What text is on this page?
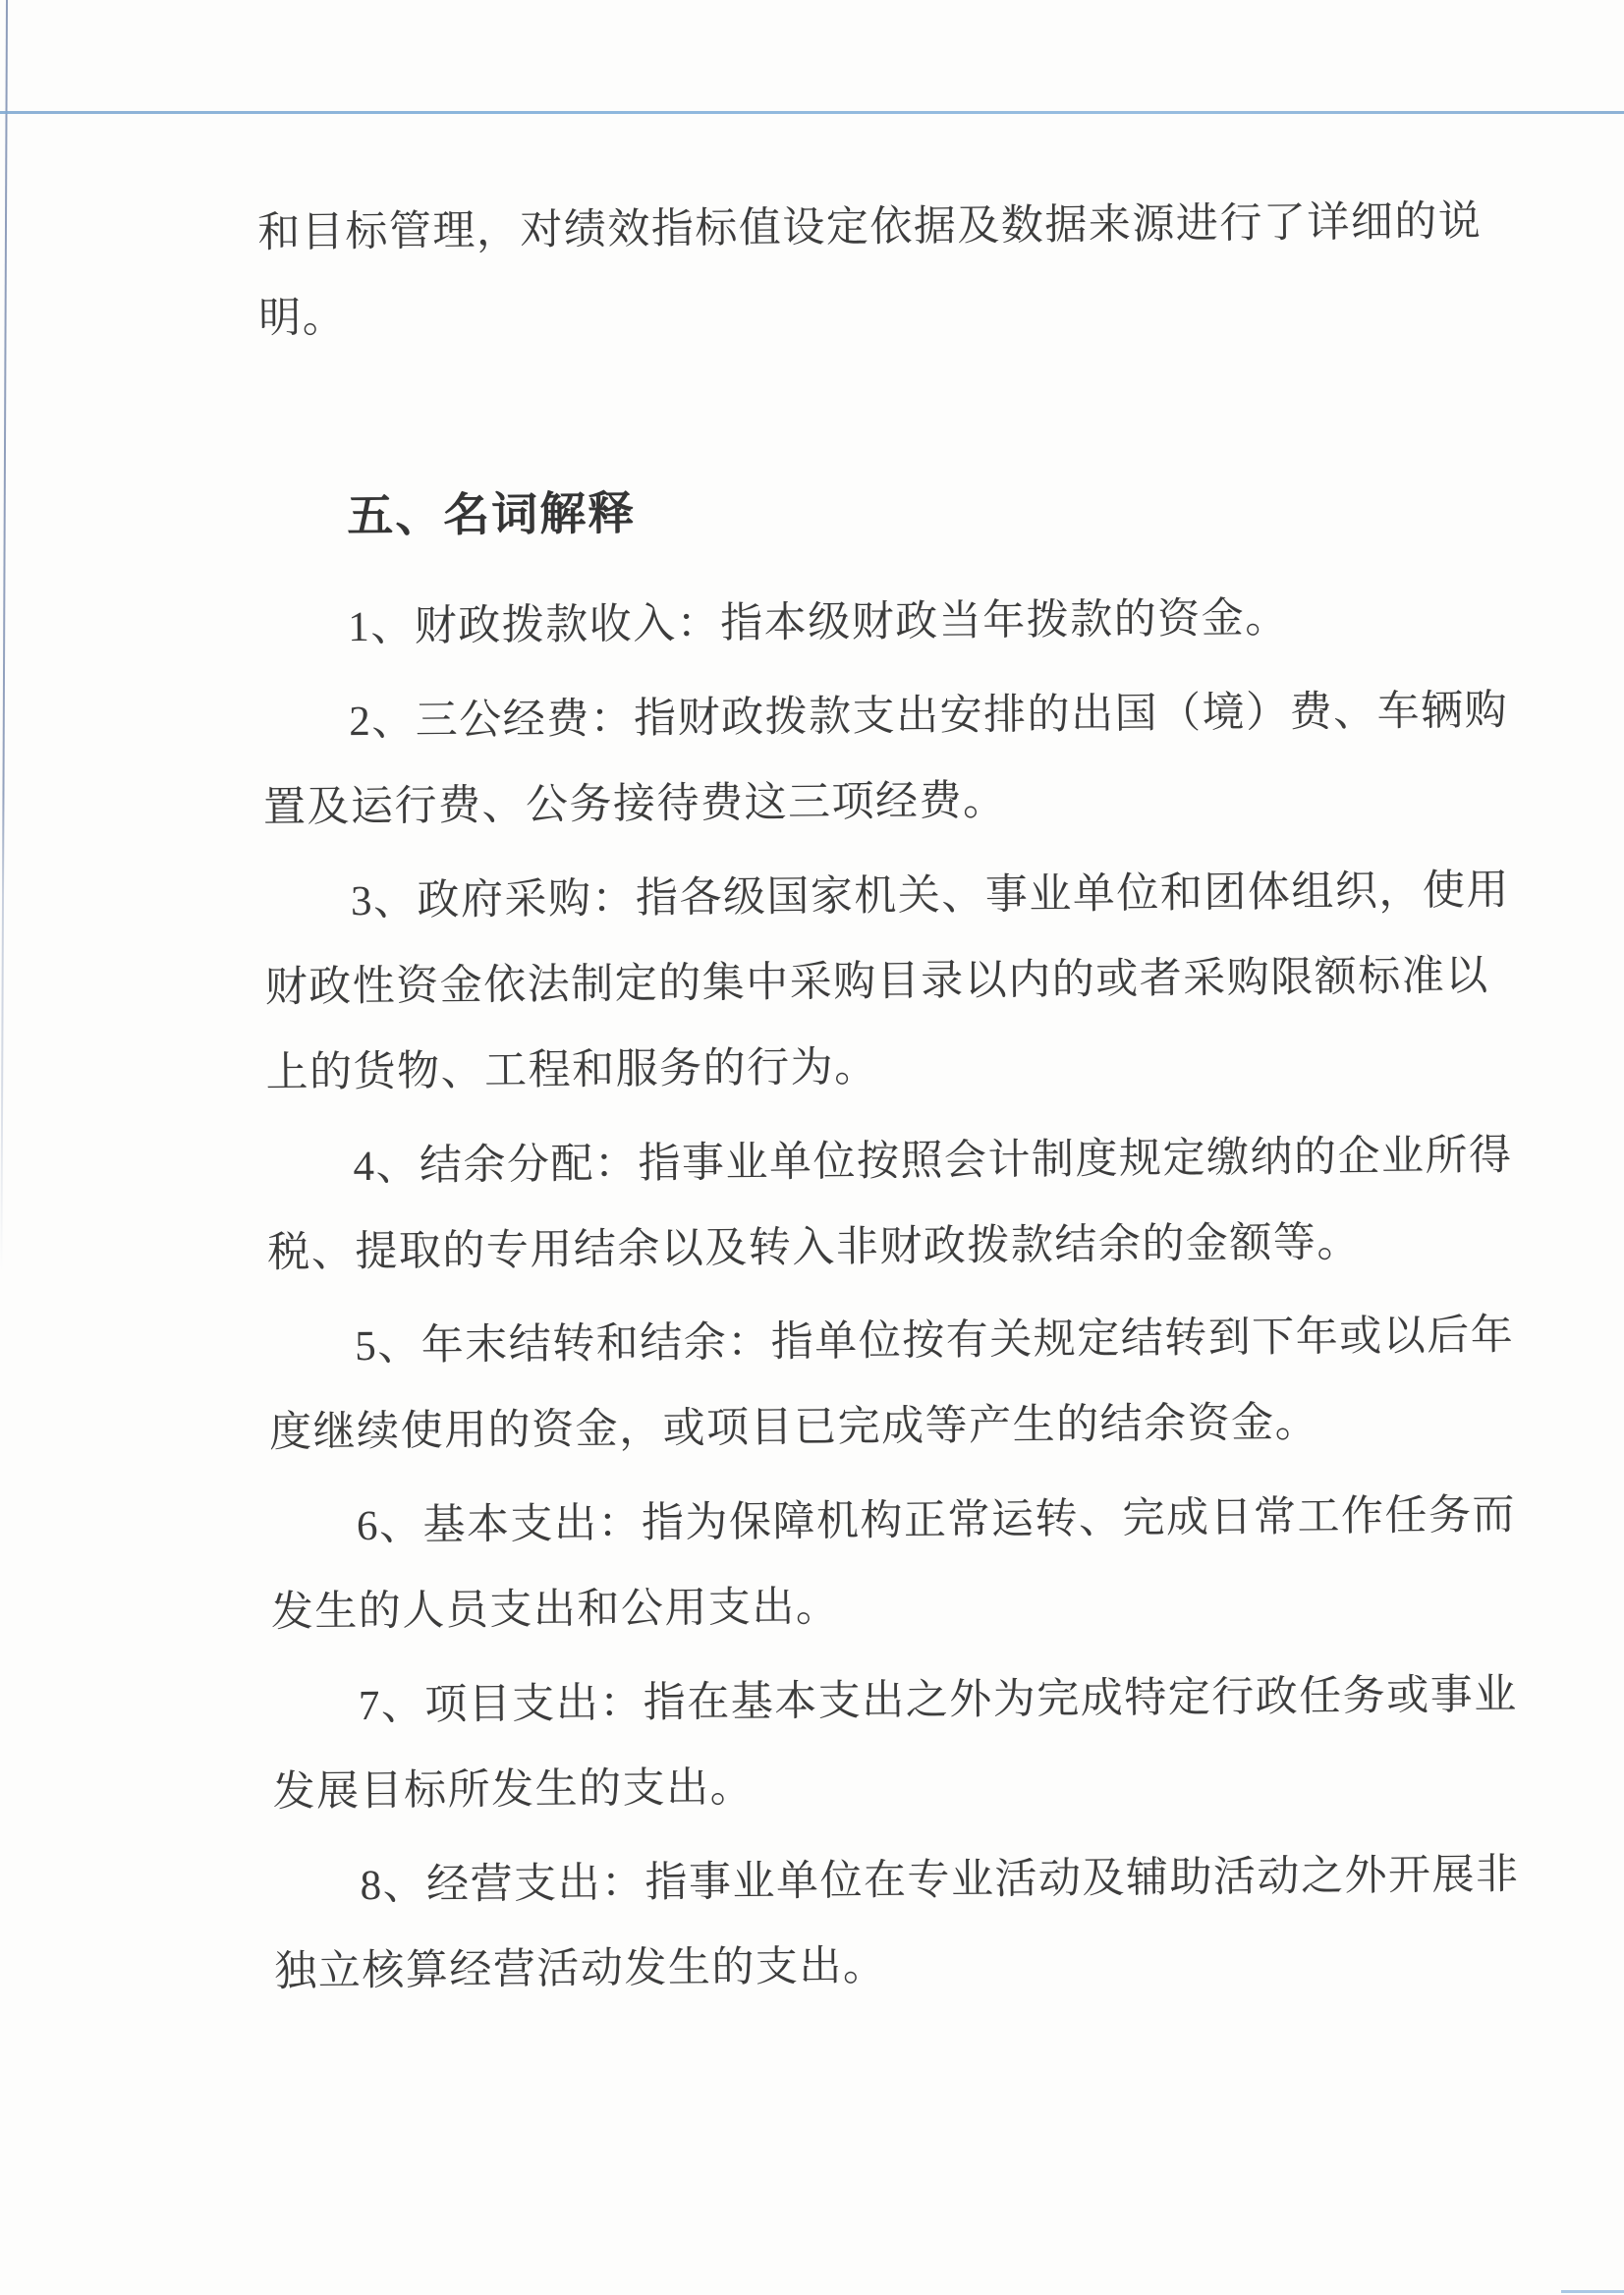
和目标管理，对绩效指标值设定依据及数据来源进行了详细的说
明。
五、名词解释
1、财政拨款收入：指本级财政当年拨款的资金。
2、三公经费：指财政拨款支出安排的出国（境）费、车辆购
置及运行费、公务接待费这三项经费。
3、政府采购：指各级国家机关、事业单位和团体组织，使用
财政性资金依法制定的集中采购目录以内的或者采购限额标准以
上的货物、工程和服务的行为。
4、结余分配：指事业单位按照会计制度规定缴纳的企业所得
税、提取的专用结余以及转入非财政拨款结余的金额等。
5、年末结转和结余：指单位按有关规定结转到下年或以后年
度继续使用的资金，或项目已完成等产生的结余资金。
6、基本支出：指为保障机构正常运转、完成日常工作任务而
发生的人员支出和公用支出。
7、项目支出：指在基本支出之外为完成特定行政任务或事业
发展目标所发生的支出。
8、经营支出：指事业单位在专业活动及辅助活动之外开展非
独立核算经营活动发生的支出。
